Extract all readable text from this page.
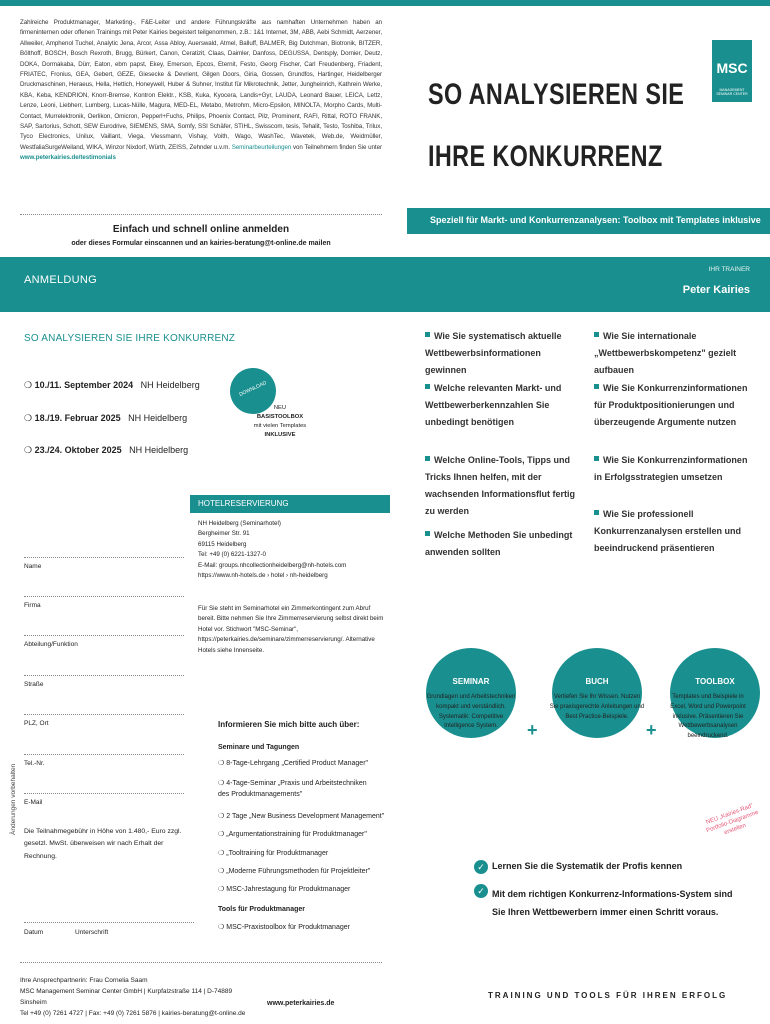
Zahlreiche Produktmanager, Marketing-, F&E-Leiter und andere Führungskräfte aus namhaften Unternehmen haben an firmeninternen oder offenen Trainings mit Peter Kairies begeistert teilgenommen, z.B.: 1&1 Internet, 3M, ABB, Aebi Schmidt, Aerzener, Allweiler, Amphenol Tuchel, Analytic Jena, Arcor, Assa Abloy, Auerswald, Atmel, Balluff, BALMER, Big Dutchman, Biotronik, BITZER, Bölthoff, BOSCH, Bosch Rexroth, Brugg, Bürkert, Canon, Ceratizit, Claas, Daimler, Danfoss, DEGUSSA, Dentsply, Dornier, Deutz, DOKA, Dormakaba, Dürr, Eaton, ebm papst, Ekey, Emerson, Epcos, Eternit, Festo, Georg Fischer, Carl Freudenberg, Friadent, FRIATEC, Fronius, GEA, Gebert, GEZE, Giesecke & Devrient, Gilgen Doors, Giria, Gossen, Grundfos, Hartinger, Heidelberger Druckmaschinen, Heraeus, Hella, Hettich, Honeywell, Huber & Suhner, Institut für Mikrotechnik, Jetter, Jungheinrich, Kathrein Werke, KBA, Keba, KENDRION, Knorr-Bremse, Kontron Elektr., KSB, Kuka, Kyocera, Landis+Gyr, LAUDA, Leonard Bauer, LEICA, Lettz, Lenze, Leoni, Liebherr, Lumberg, Lucas-Nülle, Magura, MED-EL, Metabo, Metrohm, Micro-Epsilon, MINOLTA, Morpho Cards, Multi-Contact, Murrelektronik, Oerlikon, Omicron, Pepperl+Fuchs, Philips, Phoenix Contact, Pilz, Prominent, RAFI, Rittal, ROTO FRANK, SAP, Sartorius, Schott, SEW Eurodrive, SIEMENS, SMA, Somfy, SSI Schäfer, STIHL, Swisscom, tesis, Tehalit, Testo, Toshiba, Trilux, Tyco Electronics, Unilux, Vaillant, Viega, Viessmann, Vishay, Voith, Wago, WashTec, Wavetek, Web.de, Weidmüller, WestfaliaSurgeWeiland, WIKA, Winzor Nixdorf, Würth, ZEISS, Zehnder u.v.m. Seminarbeurteilungen von Teilnehmern finden Sie unter www.peterkairies.de/testimonials
Einfach und schnell online anmelden
oder dieses Formular einscannen und an kairies-beratung@t-online.de mailen
MSC
MANAGEMENT SEMINAR CENTER
SO ANALYSIEREN SIE
IHRE KONKURRENZ
Speziell für Markt- und Konkurrenzanalysen: Toolbox mit Templates inklusive
ANMELDUNG
IHR TRAINER
Peter Kairies
SO ANALYSIEREN SIE IHRE KONKURRENZ
❍ 10./11. September 2024 NH Heidelberg
❍ 18./19. Februar 2025 NH Heidelberg
❍ 23./24. Oktober 2025 NH Heidelberg
DOWNLOAD
NEU
BASISTOOLBOX
mit vielen Templates
INKLUSIVE
HOTELRESERVIERUNG
NH Heidelberg (Seminarhotel)
Bergheimer Str. 91
69115 Heidelberg
Tel: +49 (0) 6221-1327-0
E-Mail: groups.nhcollectionheidelberg@nh-hotels.com
https://www.nh-hotels.de › hotel › nh-heidelberg
Für Sie steht im Seminarhotel ein Zimmerkontingent zum Abruf bereit. Bitte nehmen Sie Ihre Zimmerreservierung selbst direkt beim Hotel vor. Stichwort "MSC-Seminar", https://peterkairies.de/seminare/zimmerreservierung/. Alternative Hotels siehe Innenseite.
Name
Firma
Abteilung/Funktion
Straße
PLZ, Ort
Tel.-Nr.
E-Mail
Die Teilnahmegebühr in Höhe von 1.480,- Euro zzgl. gesetzl. MwSt. überweisen wir nach Erhalt der Rechnung.
Datum	Unterschrift
Änderungen vorbehalten
Informieren Sie mich bitte auch über:
Seminare und Tagungen
❍ 8-Tage-Lehrgang „Certified Product Manager"
❍ 4-Tage-Seminar „Praxis und Arbeitstechniken des Produktmanagements"
❍ 2 Tage „New Business Development Management"
❍ „Argumentationstraining für Produktmanager"
❍ „Tooltraining für Produktmanager
❍ „Moderne Führungsmethoden für Projektleiter"
❍ MSC-Jahrestagung für Produktmanager
Tools für Produktmanager
❍ MSC-Praxistoolbox für Produktmanager
Wie Sie systematisch aktuelle Wettbewerbsinformationen gewinnen
Welche relevanten Markt- und Wettbewerberkennzahlen Sie unbedingt benötigen
Welche Online-Tools, Tipps und Tricks Ihnen helfen, mit der wachsenden Informationsflut fertig zu werden
Welche Methoden Sie unbedingt anwenden sollten
Wie Sie internationale „Wettbewerbskompetenz" gezielt aufbauen
Wie Sie Konkurrenzinformationen für Produktpositionierungen und überzeugende Argumente nutzen
Wie Sie Konkurrenzinformationen in Erfolgsstrategien umsetzen
Wie Sie professionell Konkurrenzanalysen erstellen und beeindruckend präsentieren
SEMINAR
Grundlagen und Arbeitstechniken kompakt und verständlich. Systematik: Competitive Intelligence System.	+
BUCH
Vertiefen Sie Ihr Wissen. Nutzen Sie praxisgerechte Anleitungen und Best Practice-Beispiele.
+
TOOLBOX
Templates und Beispiele in Excel, Word und Powerpoint inklusive. Präsentieren Sie Wettbewerbsanalysen beeindruckend.
NEU „Kairies-Rad" Portfolio-Diagramme erstellen
✓ Lernen Sie die Systematik der Profis kennen
✓ Mit dem richtigen Konkurrenz-Informations-System sind Sie Ihren Wettbewerbern immer einen Schritt voraus.
Ihre Ansprechpartnerin: Frau Cornelia Saam
MSC Management Seminar Center GmbH | Kurpfalzstraße 114 | D-74889 Sinsheim
Tel +49 (0) 7261 4727 | Fax: +49 (0) 7261 5876 | kairies-beratung@t-online.de
www.peterkairies.de
TRAINING UND TOOLS FÜR IHREN ERFOLG
